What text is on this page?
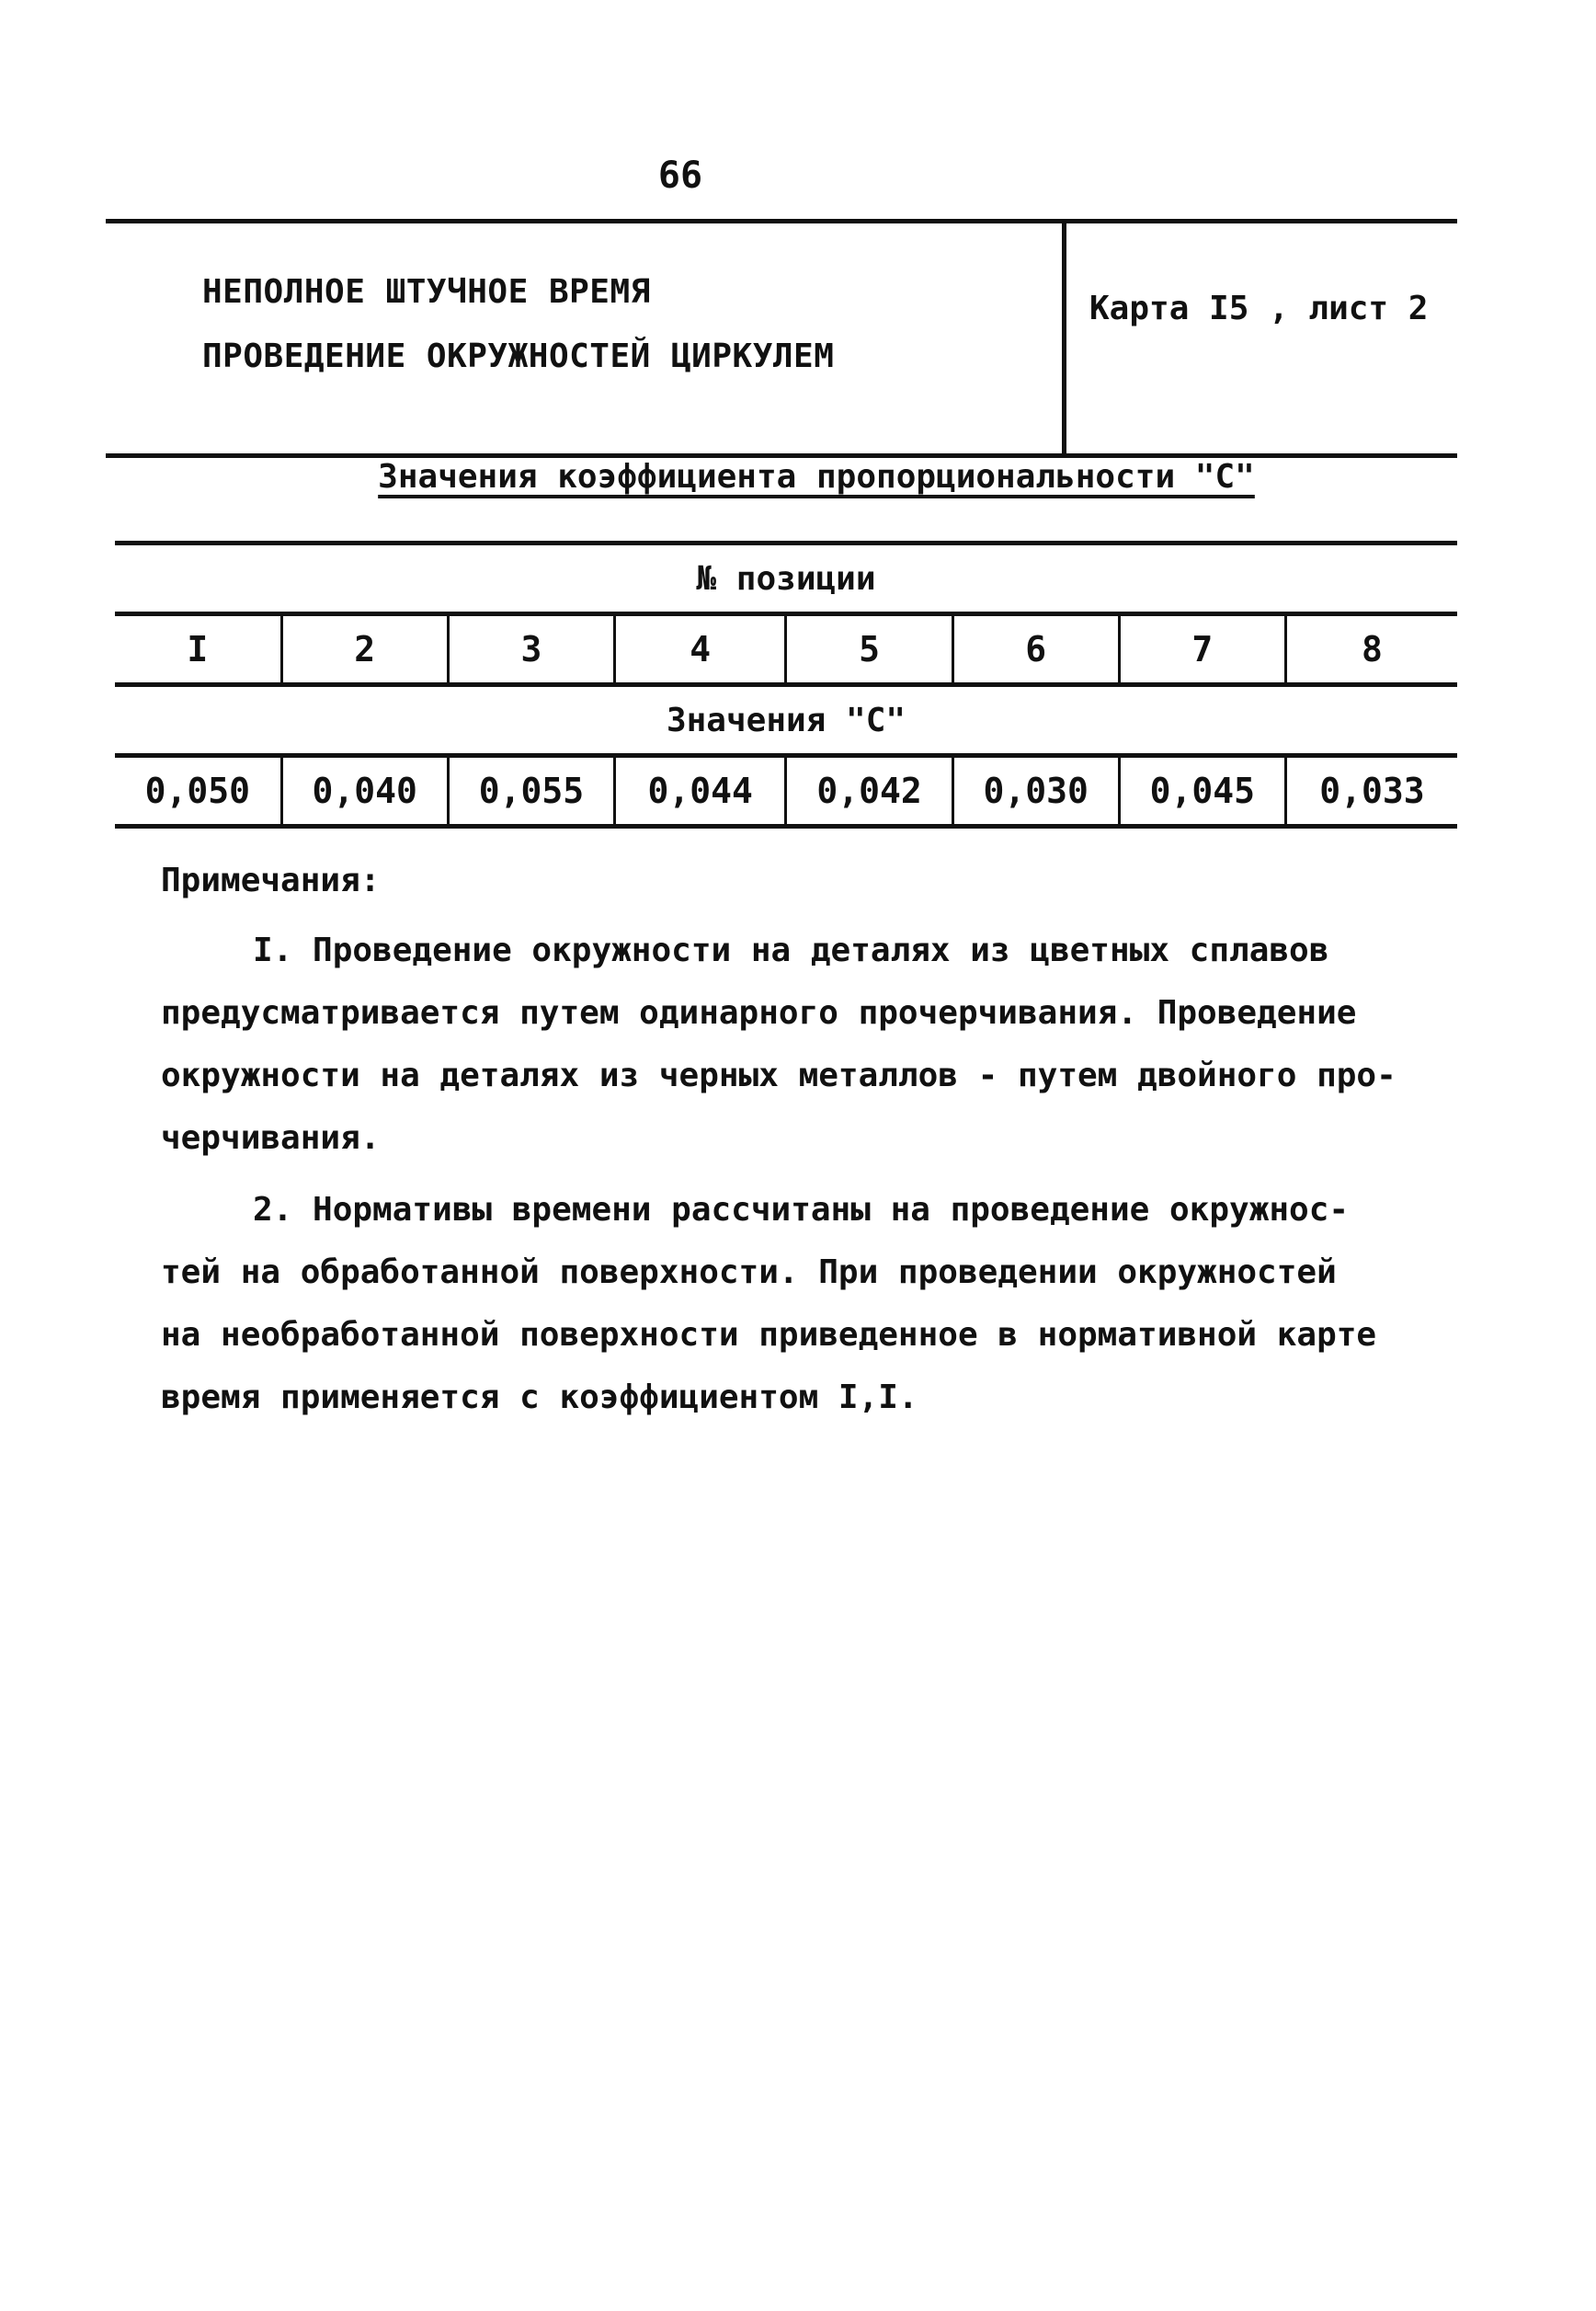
66
НЕПОЛНОЕ ШТУЧНОЕ ВРЕМЯ
ПРОВЕДЕНИЕ ОКРУЖНОСТЕЙ ЦИРКУЛЕМ
Карта I5 , лист 2
Значения коэффициента пропорциональности "С"
№ позиции							
I	2	3	4	5	6	7	8
Значения "С"							
0,050	0,040	0,055	0,044	0,042	0,030	0,045	0,033
Примечания:
I. Проведение окружности на деталях из цветных сплавов
предусматривается путем одинарного прочерчивания. Проведение
окружности на деталях из черных металлов - путем двойного про-
черчивания.
2. Нормативы времени рассчитаны на проведение окружнос-
тей на обработанной поверхности. При проведении окружностей
на необработанной поверхности приведенное в нормативной карте
время применяется с коэффициентом I,I.
